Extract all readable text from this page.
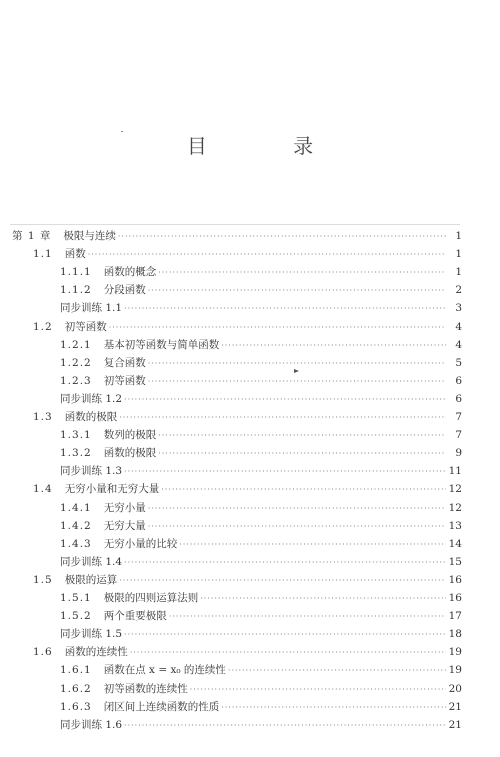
目 录
第 1 章 极限与连续 ·····	1
1.1 函数 ·····	1
1.1.1 函数的概念 ·····	1
1.1.2 分段函数 ·····	2
同步训练 1.1 ·····	3
1.2 初等函数 ·····	4
1.2.1 基本初等函数与简单函数 ·····	4
1.2.2 复合函数 ·····	5
1.2.3 初等函数 ·····	6
同步训练 1.2 ·····	6
1.3 函数的极限 ·····	7
1.3.1 数列的极限 ·····	7
1.3.2 函数的极限 ·····	9
同步训练 1.3 ·····	11
1.4 无穷小量和无穷大量 ·····	12
1.4.1 无穷小量 ·····	12
1.4.2 无穷大量 ·····	13
1.4.3 无穷小量的比较 ·····	14
同步训练 1.4 ·····	15
1.5 极限的运算 ·····	16
1.5.1 极限的四则运算法则 ·····	16
1.5.2 两个重要极限 ·····	17
同步训练 1.5 ·····	18
1.6 函数的连续性 ·····	19
1.6.1 函数在点 x = x₀ 的连续性 ·····	19
1.6.2 初等函数的连续性 ·····	20
1.6.3 闭区间上连续函数的性质 ·····	21
同步训练 1.6 ·····	21
